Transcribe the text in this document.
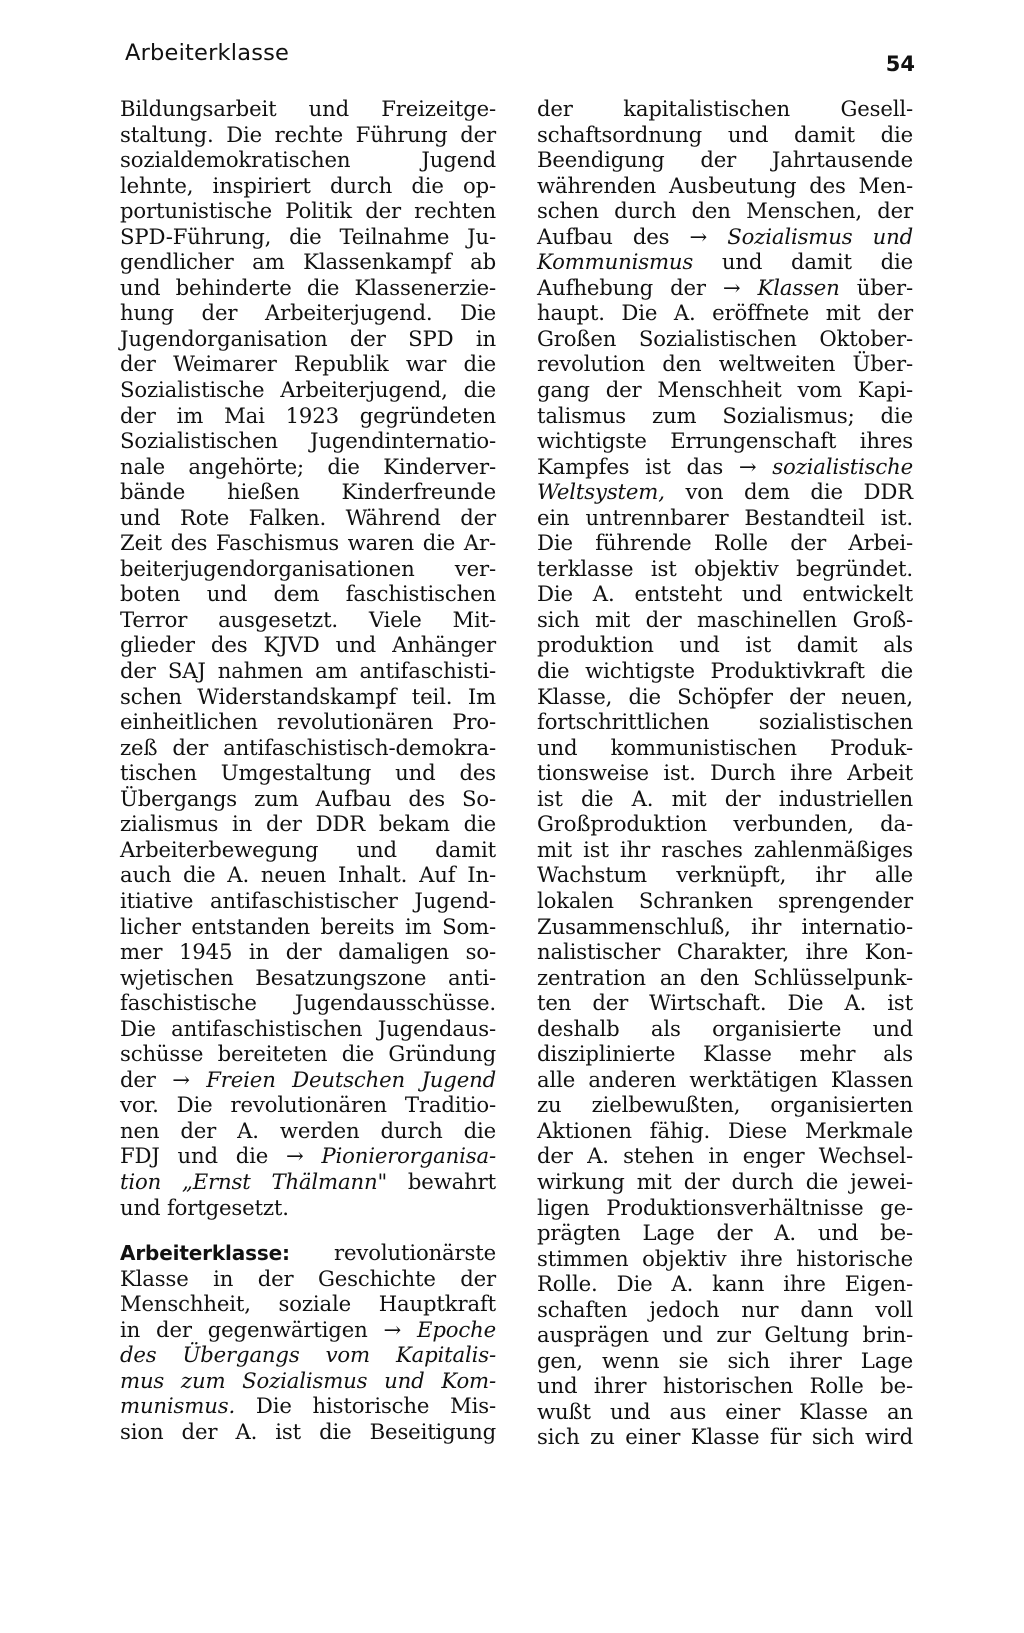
Arbeiterklasse	54
Bildungsarbeit und Freizeitge-
staltung. Die rechte Führung der
sozialdemokratischen Jugend
lehnte, inspiriert durch die op-
portunistische Politik der rechten
SPD-Führung, die Teilnahme Ju-
gendlicher am Klassenkampf ab
und behinderte die Klassenerzie-
hung der Arbeiterjugend. Die
Jugendorganisation der SPD in
der Weimarer Republik war die
Sozialistische Arbeiterjugend, die
der im Mai 1923 gegründeten
Sozialistischen Jugendinternatio-
nale angehörte; die Kinderver-
bände hießen Kinderfreunde
und Rote Falken. Während der
Zeit des Faschismus waren die Ar-
beiterjugendorganisationen ver-
boten und dem faschistischen
Terror ausgesetzt. Viele Mit-
glieder des KJVD und Anhänger
der SAJ nahmen am antifaschisti-
schen Widerstandskampf teil. Im
einheitlichen revolutionären Pro-
zeß der antifaschistisch-demokra-
tischen Umgestaltung und des
Übergangs zum Aufbau des So-
zialismus in der DDR bekam die
Arbeiterbewegung und damit
auch die A. neuen Inhalt. Auf In-
itiative antifaschistischer Jugend-
licher entstanden bereits im Som-
mer 1945 in der damaligen so-
wjetischen Besatzungszone anti-
faschistische Jugendausschüsse.
Die antifaschistischen Jugendaus-
schüsse bereiteten die Gründung
der → Freien Deutschen Jugend
vor. Die revolutionären Traditio-
nen der A. werden durch die
FDJ und die → Pionierorganisa-
tion „Ernst Thälmann" bewahrt
und fortgesetzt.
Arbeiterklasse: revolutionärste
Klasse in der Geschichte der
Menschheit, soziale Hauptkraft
in der gegenwärtigen → Epoche
des Übergangs vom Kapitalis-
mus zum Sozialismus und Kom-
munismus. Die historische Mis-
sion der A. ist die Beseitigung
der kapitalistischen Gesell-
schaftsordnung und damit die
Beendigung der Jahrtausende
währenden Ausbeutung des Men-
schen durch den Menschen, der
Aufbau des → Sozialismus und
Kommunismus und damit die
Aufhebung der → Klassen über-
haupt. Die A. eröffnete mit der
Großen Sozialistischen Oktober-
revolution den weltweiten Über-
gang der Menschheit vom Kapi-
talismus zum Sozialismus; die
wichtigste Errungenschaft ihres
Kampfes ist das → sozialistische
Weltsystem, von dem die DDR
ein untrennbarer Bestandteil ist.
Die führende Rolle der Arbei-
terklasse ist objektiv begründet.
Die A. entsteht und entwickelt
sich mit der maschinellen Groß-
produktion und ist damit als
die wichtigste Produktivkraft die
Klasse, die Schöpfer der neuen,
fortschrittlichen sozialistischen
und kommunistischen Produk-
tionsweise ist. Durch ihre Arbeit
ist die A. mit der industriellen
Großproduktion verbunden, da-
mit ist ihr rasches zahlenmäßiges
Wachstum verknüpft, ihr alle
lokalen Schranken sprengender
Zusammenschluß, ihr internatio-
nalistischer Charakter, ihre Kon-
zentration an den Schlüsselpunk-
ten der Wirtschaft. Die A. ist
deshalb als organisierte und
disziplinierte Klasse mehr als
alle anderen werktätigen Klassen
zu zielbewußten, organisierten
Aktionen fähig. Diese Merkmale
der A. stehen in enger Wechsel-
wirkung mit der durch die jewei-
ligen Produktionsverhältnisse ge-
prägten Lage der A. und be-
stimmen objektiv ihre historische
Rolle. Die A. kann ihre Eigen-
schaften jedoch nur dann voll
ausprägen und zur Geltung brin-
gen, wenn sie sich ihrer Lage
und ihrer historischen Rolle be-
wußt und aus einer Klasse an
sich zu einer Klasse für sich wird
